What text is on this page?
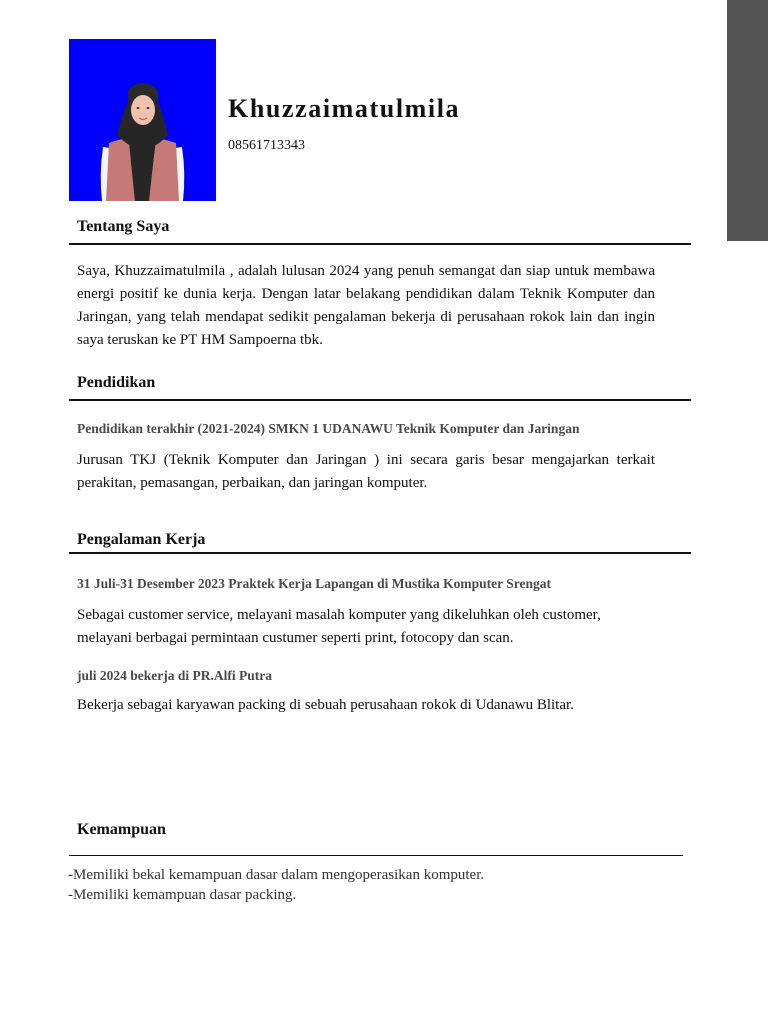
Khuzzaimatulmila
08561713343
Tentang Saya
Saya, Khuzzaimatulmila , adalah lulusan 2024 yang penuh semangat dan siap untuk membawa energi positif ke dunia kerja. Dengan latar belakang pendidikan dalam Teknik Komputer dan Jaringan, yang telah mendapat sedikit pengalaman bekerja di perusahaan rokok lain dan ingin saya teruskan ke PT HM Sampoerna tbk.
Pendidikan
Pendidikan terakhir (2021-2024) SMKN 1 UDANAWU Teknik Komputer dan Jaringan
Jurusan TKJ (Teknik Komputer dan Jaringan ) ini secara garis besar mengajarkan terkait perakitan, pemasangan, perbaikan, dan jaringan komputer.
Pengalaman Kerja
31 Juli-31 Desember 2023 Praktek Kerja Lapangan di Mustika Komputer Srengat
Sebagai customer service, melayani masalah komputer yang dikeluhkan oleh customer, melayani berbagai permintaan custumer seperti print, fotocopy dan scan.
juli 2024 bekerja di PR.Alfi Putra
Bekerja sebagai karyawan packing di sebuah perusahaan rokok di Udanawu Blitar.
Kemampuan
-Memiliki bekal kemampuan dasar dalam mengoperasikan komputer.
-Memiliki kemampuan dasar packing.
